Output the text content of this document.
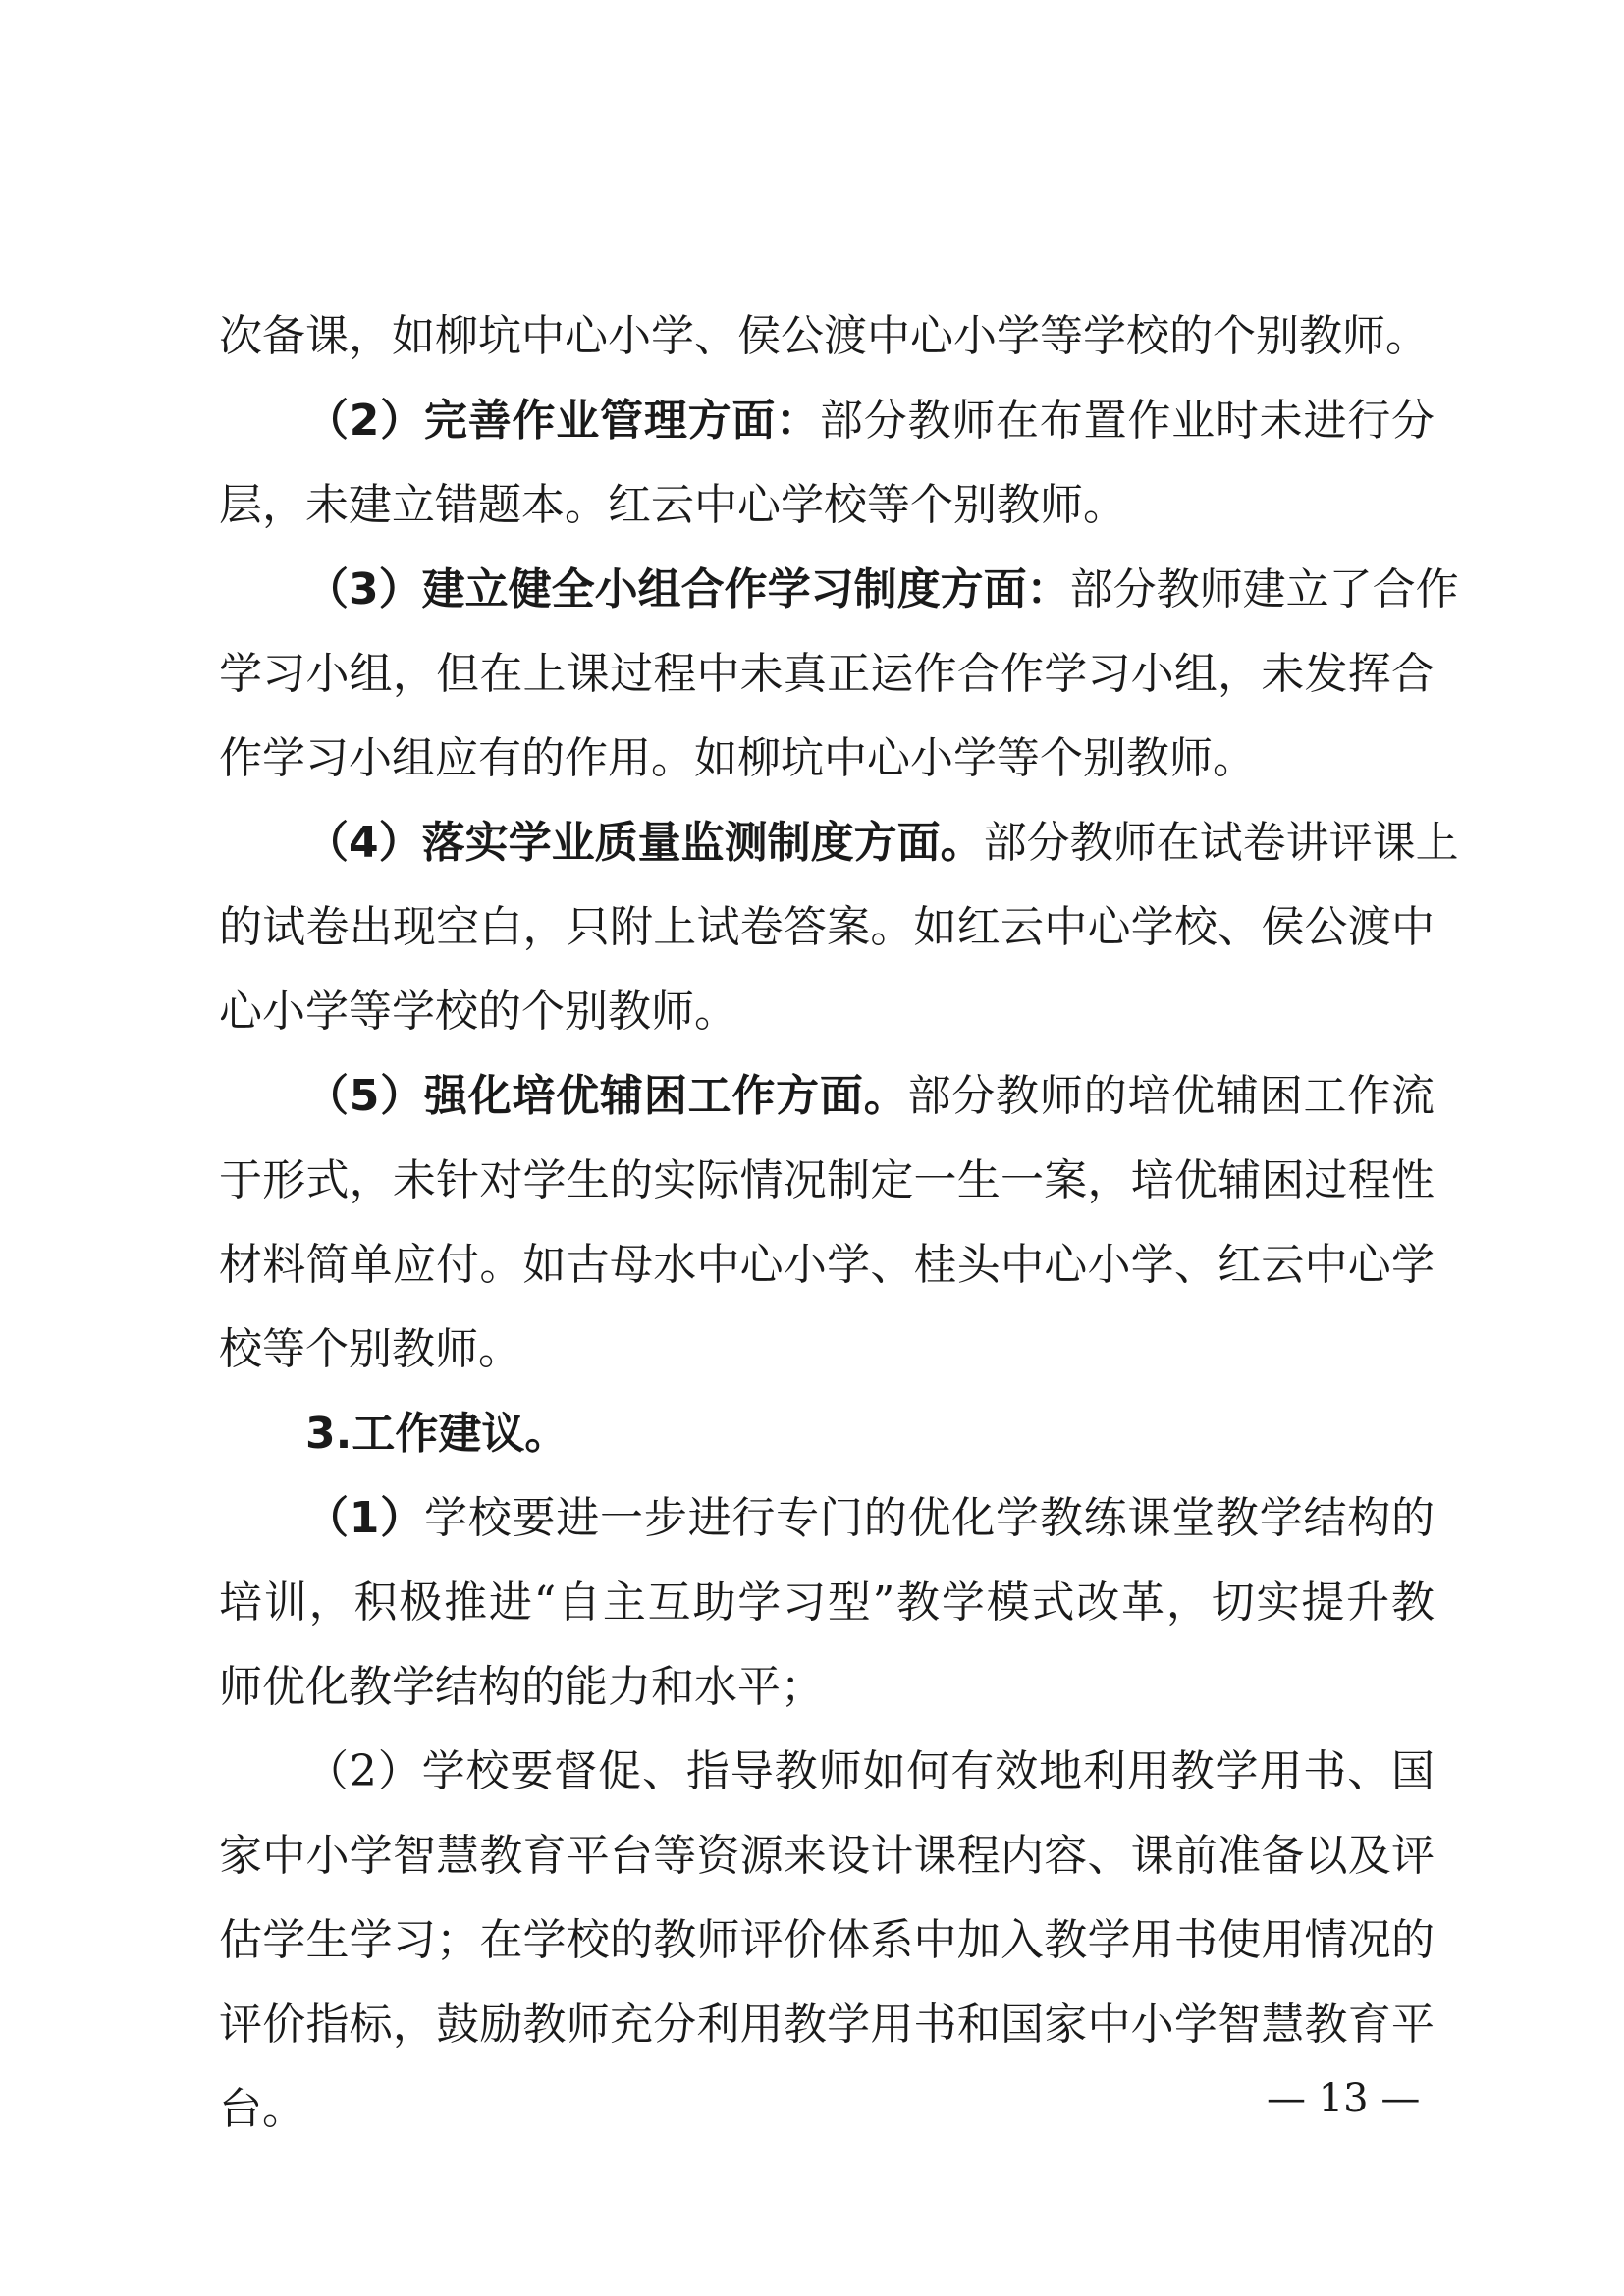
次备课，如柳坑中心小学、侯公渡中心小学等学校的个别教师。
（2）完善作业管理方面：部分教师在布置作业时未进行分
层，未建立错题本。红云中心学校等个别教师。
（3）建立健全小组合作学习制度方面：部分教师建立了合作
学习小组，但在上课过程中未真正运作合作学习小组，未发挥合
作学习小组应有的作用。如柳坑中心小学等个别教师。
（4）落实学业质量监测制度方面。部分教师在试卷讲评课上
的试卷出现空白，只附上试卷答案。如红云中心学校、侯公渡中
心小学等学校的个别教师。
（5）强化培优辅困工作方面。部分教师的培优辅困工作流
于形式，未针对学生的实际情况制定一生一案，培优辅困过程性
材料简单应付。如古母水中心小学、桂头中心小学、红云中心学
校等个别教师。
3.工作建议。
（1）学校要进一步进行专门的优化学教练课堂教学结构的
培训，积极推进“自主互助学习型”教学模式改革，切实提升教
师优化教学结构的能力和水平；
（2）学校要督促、指导教师如何有效地利用教学用书、国
家中小学智慧教育平台等资源来设计课程内容、课前准备以及评
估学生学习；在学校的教师评价体系中加入教学用书使用情况的
评价指标，鼓励教师充分利用教学用书和国家中小学智慧教育平
台。	— 13 —
